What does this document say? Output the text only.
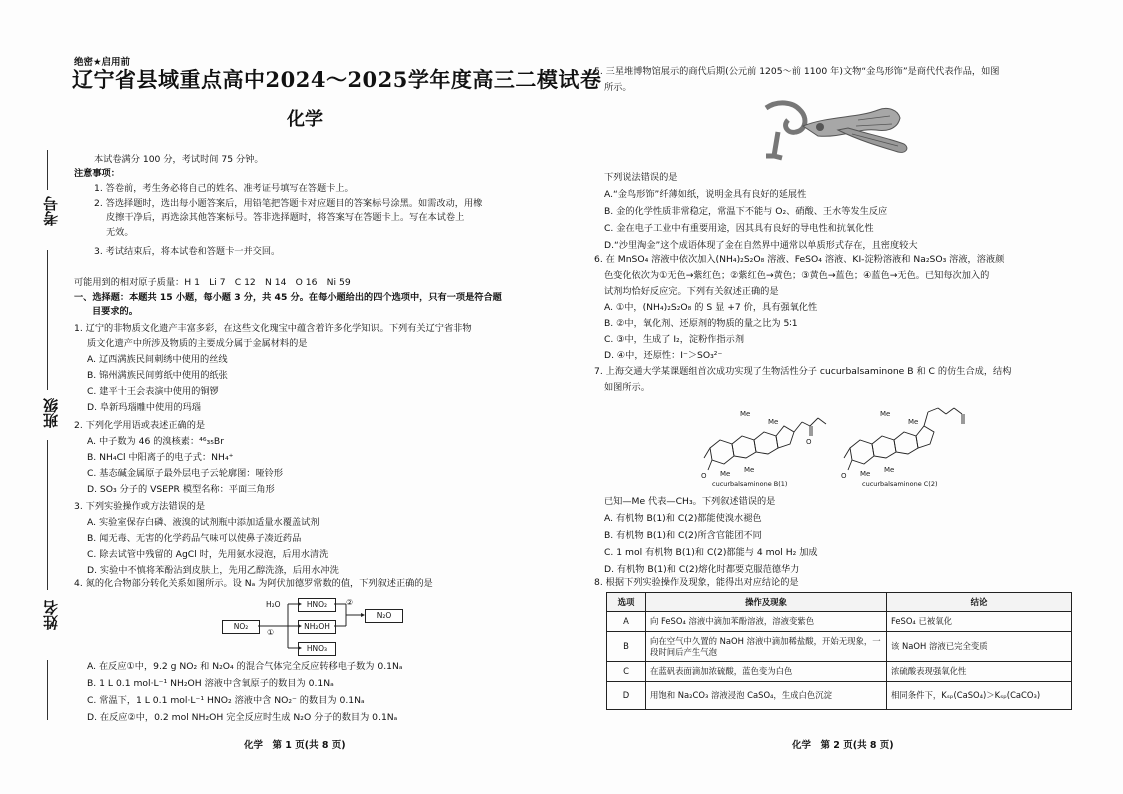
考号
班级
姓名
绝密★启用前
辽宁省县域重点高中2024～2025学年度高三二模试卷
化学
本试卷满分 100 分，考试时间 75 分钟。
注意事项：
1. 答卷前，考生务必将自己的姓名、准考证号填写在答题卡上。
2. 答选择题时，选出每小题答案后，用铅笔把答题卡对应题目的答案标号涂黑。如需改动，用橡
皮擦干净后，再选涂其他答案标号。答非选择题时，将答案写在答题卡上。写在本试卷上
无效。
3. 考试结束后，将本试卷和答题卡一并交回。
可能用到的相对原子质量：H 1　Li 7　C 12　N 14　O 16　Ni 59
一、选择题：本题共 15 小题，每小题 3 分，共 45 分。在每小题给出的四个选项中，只有一项是符合题
目要求的。
1. 辽宁的非物质文化遗产丰富多彩，在这些文化瑰宝中蕴含着许多化学知识。下列有关辽宁省非物
质文化遗产中所涉及物质的主要成分属于金属材料的是
A. 辽西满族民间刺绣中使用的丝线
B. 锦州满族民间剪纸中使用的纸张
C. 建平十王会表演中使用的铜锣
D. 阜新玛瑙雕中使用的玛瑙
2. 下列化学用语或表述正确的是
A. 中子数为 46 的溴核素：⁴⁶₃₅Br
B. NH₄Cl 中阳离子的电子式：NH₄⁺
C. 基态碱金属原子最外层电子云轮廓图：哑铃形
D. SO₃ 分子的 VSEPR 模型名称：平面三角形
3. 下列实验操作或方法错误的是
A. 实验室保存白磷、液溴的试剂瓶中添加适量水覆盖试剂
B. 闻无毒、无害的化学药品气味可以使鼻子凑近药品
C. 除去试管中残留的 AgCl 时，先用氨水浸泡，后用水清洗
D. 实验中不慎将苯酚沾到皮肤上，先用乙醇洗涤，后用水冲洗
4. 氮的化合物部分转化关系如图所示。设 Nₐ 为阿伏加德罗常数的值，下列叙述正确的是
NO₂
H₂O
①
HNO₂
NH₂OH
HNO₃
N₂O
②
A. 在反应①中，9.2 g NO₂ 和 N₂O₄ 的混合气体完全反应转移电子数为 0.1Nₐ
B. 1 L 0.1 mol·L⁻¹ NH₂OH 溶液中含氧原子的数目为 0.1Nₐ
C. 常温下，1 L 0.1 mol·L⁻¹ HNO₂ 溶液中含 NO₂⁻ 的数目为 0.1Nₐ
D. 在反应②中，0.2 mol NH₂OH 完全反应时生成 N₂O 分子的数目为 0.1Nₐ
化学　第 1 页(共 8 页)
5. 三星堆博物馆展示的商代后期(公元前 1205～前 1100 年)文物“金鸟形饰”是商代代表作品，如图
所示。
下列说法错误的是
A.“金鸟形饰”纤薄如纸，说明金具有良好的延展性
B. 金的化学性质非常稳定，常温下不能与 O₂、硝酸、王水等发生反应
C. 金在电子工业中有重要用途，因其具有良好的导电性和抗氧化性
D.“沙里淘金”这个成语体现了金在自然界中通常以单质形式存在，且密度较大
6. 在 MnSO₄ 溶液中依次加入(NH₄)₂S₂O₈ 溶液、FeSO₄ 溶液、KI-淀粉溶液和 Na₂SO₃ 溶液，溶液颜
色变化依次为①无色→紫红色；②紫红色→黄色；③黄色→蓝色；④蓝色→无色。已知每次加入的
试剂均恰好反应完。下列有关叙述正确的是
A. ①中，(NH₄)₂S₂O₈ 的 S 显 +7 价，具有强氧化性
B. ②中，氧化剂、还原剂的物质的量之比为 5∶1
C. ③中，生成了 I₂，淀粉作指示剂
D. ④中，还原性：I⁻＞SO₃²⁻
7. 上海交通大学某课题组首次成功实现了生物活性分子 cucurbalsaminone B 和 C 的仿生合成，结构
如图所示。
Me
Me
Me Me
O
O
cucurbalsaminone B(1)
Me
Me
Me Me
O
cucurbalsaminone C(2)
已知—Me 代表—CH₃。下列叙述错误的是
A. 有机物 B(1)和 C(2)都能使溴水褪色
B. 有机物 B(1)和 C(2)所含官能团不同
C. 1 mol 有机物 B(1)和 C(2)都能与 4 mol H₂ 加成
D. 有机物 B(1)和 C(2)熔化时都要克服范德华力
8. 根据下列实验操作及现象，能得出对应结论的是
选项	操作及现象	结论
A	向 FeSO₄ 溶液中滴加苯酚溶液，溶液变紫色	FeSO₄ 已被氧化
B	向在空气中久置的 NaOH 溶液中滴加稀盐酸，开始无现象，一段时间后产生气泡	该 NaOH 溶液已完全变质
C	在蓝矾表面滴加浓硫酸，蓝色变为白色	浓硫酸表现强氧化性
D	用饱和 Na₂CO₃ 溶液浸泡 CaSO₄，生成白色沉淀	相同条件下，Kₛₚ(CaSO₄)＞Kₛₚ(CaCO₃)
化学　第 2 页(共 8 页)
